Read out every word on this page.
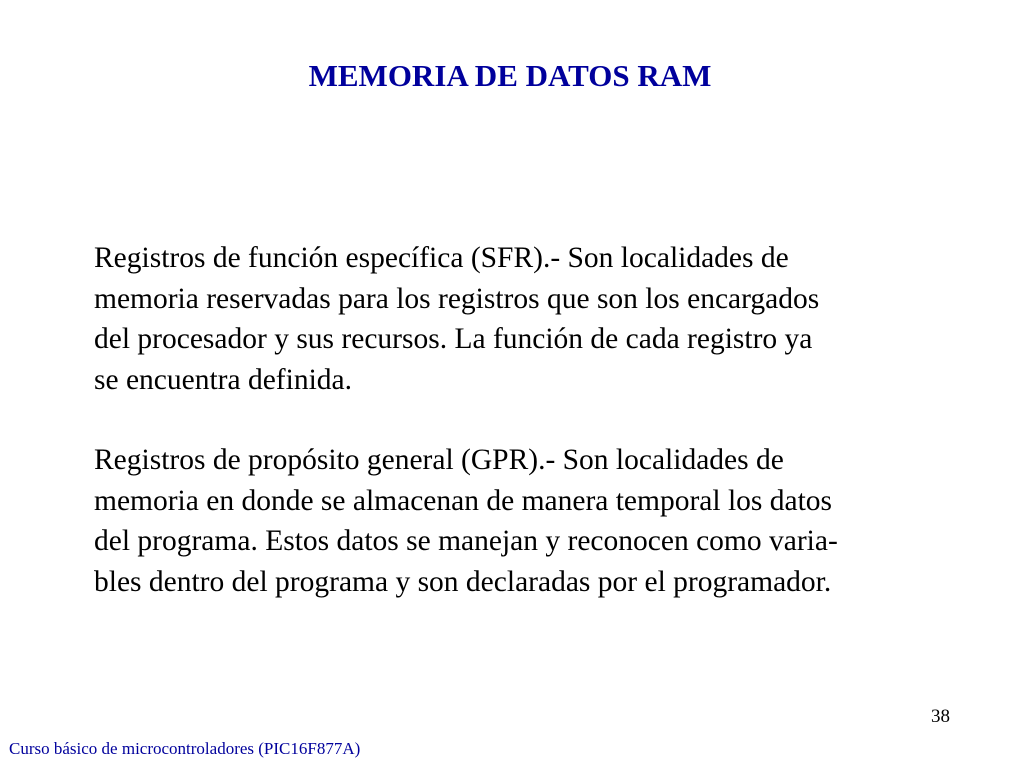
MEMORIA DE DATOS RAM

Registros de función específica (SFR).- Son localidades de
memoria reservadas para los registros que son los encargados
del procesador y sus recursos. La función de cada registro ya
se encuentra definida.

Registros de propósito general (GPR).- Son localidades de
memoria en donde se almacenan de manera temporal los datos
del programa. Estos datos se manejan y reconocen como varia-
bles dentro del programa y son declaradas por el programador.

38
Curso básico de microcontroladores (PIC16F877A)
